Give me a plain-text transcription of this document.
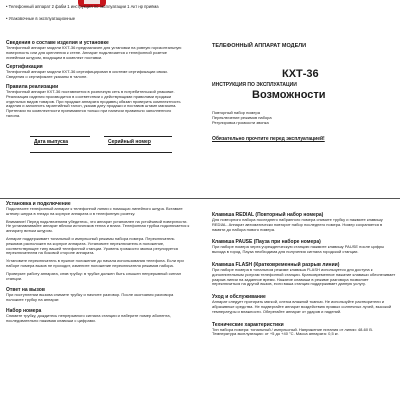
• Телефонный аппарат 2 фабм 1 инструкция по эксплуатации 1 Акт нр приёма
• Упаковочные в эксплуатационные
Сведения о составе изделия и установке
Телефонный аппарат модели КХТ-36 предназначен для установки на ровную горизонтальную поверхность или для крепления к стене. Аппарат подключается к телефонной розетке линейным шнуром, входящим в комплект поставки.
Сертификация
Телефонный аппарат модели КХТ-36 сертифицирован в системе сертификации связи. Сведения о сертификате указаны в талоне.
Правила реализации
Телефонный аппарат КХТ-36 поставляется в розничную сеть в потребительской упаковке. Реализация изделия производится в соответствии с действующими правилами продажи отдельных видов товаров. При продаже аппарата продавец обязан проверить комплектность изделия и заполнить гарантийный талон, указав дату продажи и поставив штамп магазина. Претензии по комплектности принимаются только при наличии правильно заполненного талона.
Дата выпуска	Серийный номер
ТЕЛЕФОННЫЙ АППАРАТ МОДЕЛИ
КХТ-36
ИНСТРУКЦИЯ ПО ЭКСПЛУАТАЦИИ
Возможности
Повторный набор номера
Переключение режимов набора
Регулировка громкости звонка
Обязательно прочтите перед эксплуатацией!
Установка и подключение
Подключите телефонный аппарат к телефонной линии с помощью линейного шнура. Вставьте штекер шнура в гнездо на корпусе аппарата и в телефонную розетку.
Внимание! Перед подключением убедитесь, что аппарат установлен на устойчивой поверхности. Не устанавливайте аппарат вблизи источников тепла и влаги. Телефонная трубка подключается к аппарату витым шнуром.
Аппарат поддерживает тональный и импульсный режимы набора номера. Переключатель режимов расположен на корпусе аппарата. Установите переключатель в положение, соответствующее типу вашей телефонной станции. Уровень громкости звонка регулируется переключателем на боковой стороне аппарата.
Установите переключатель в нужное положение до начала использования телефона. Если при наборе номера вызов не проходит, измените положение переключателя режимов набора.
Проверьте работу аппарата, сняв трубку: в трубке должен быть слышен непрерывный сигнал станции.
Ответ на вызов
При поступлении вызова снимите трубку и начните разговор. После окончания разговора положите трубку на аппарат.
Набор номера
Снимите трубку, дождитесь непрерывного сигнала станции и наберите номер абонента, последовательно нажимая клавиши с цифрами.
Клавиша REDIAL (Повторный набор номера)
Для повторного набора последнего набранного номера снимите трубку и нажмите клавишу REDIAL. Аппарат автоматически повторит набор последнего номера. Номер сохраняется в памяти до набора нового номера.
Клавиша PAUSE (Пауза при наборе номера)
При наборе номера через учрежденческую станцию нажмите клавишу PAUSE после цифры выхода в город. Пауза необходима для получения сигнала городской станции.
Клавиша FLASH (Кратковременный разрыв линии)
При наборе номера в тональном режиме клавиша FLASH используется для доступа к дополнительным услугам телефонной станции. Кратковременное нажатие клавиши обеспечивает разрыв линии на заданное время. Нажатие клавиши в режиме разговора позволяет переключиться на другой вызов, если ваша станция поддерживает данную услугу.
Уход и обслуживание
Аппарат следует протирать мягкой, слегка влажной тканью. Не используйте растворители и абразивные средства. Не подвергайте аппарат воздействию прямых солнечных лучей, высокой температуры и влажности. Оберегайте аппарат от ударов и падений.
Технические характеристики
Тип набора номера: тональный / импульсный. Напряжение питания от линии: 48-60 В. Температура эксплуатации: от +5 до +40 °С. Масса аппарата: 0,5 кг.
